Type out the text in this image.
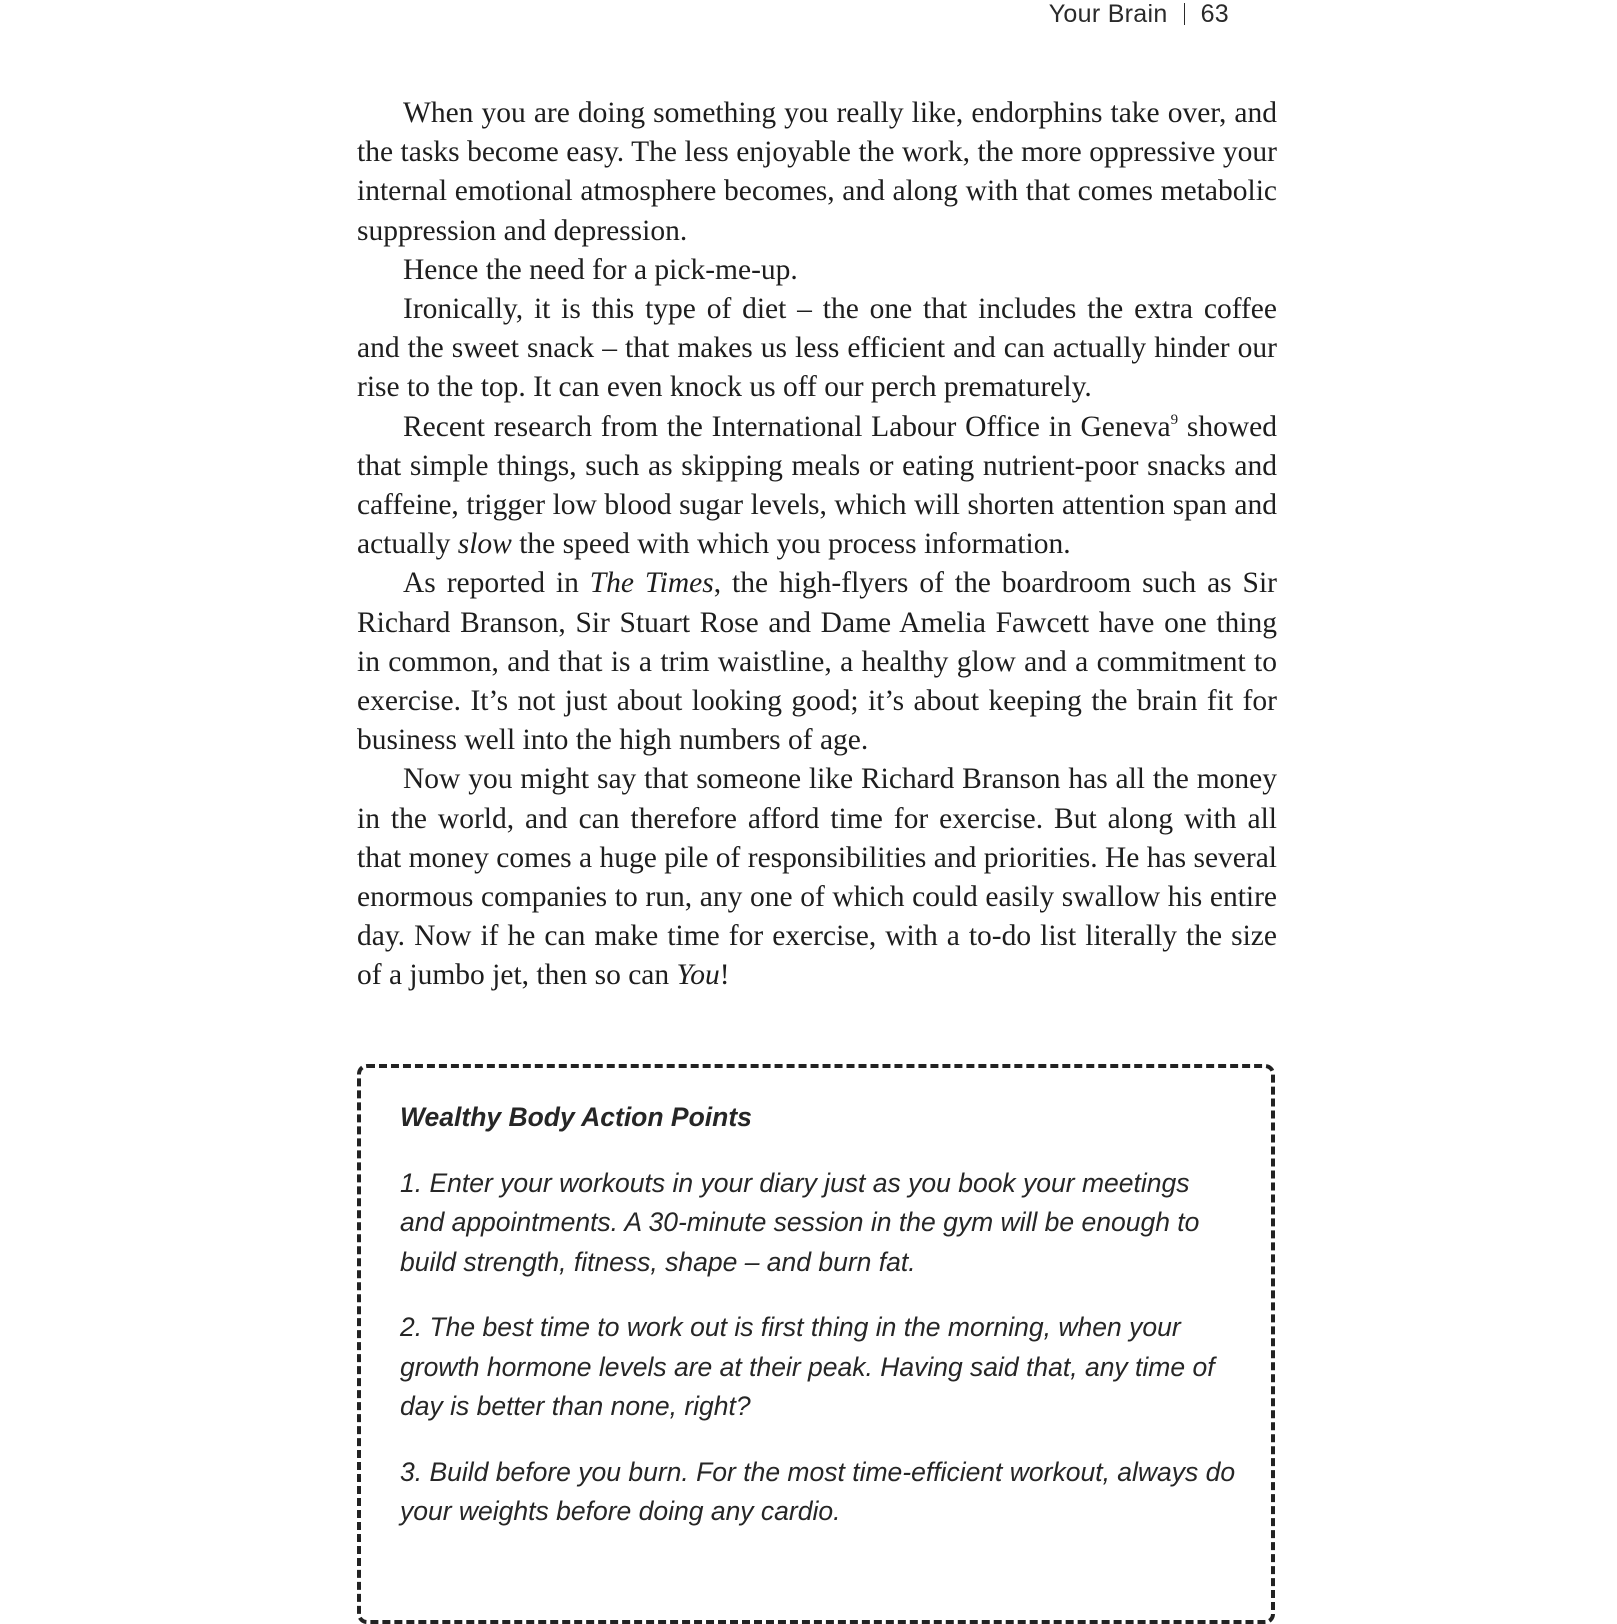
Your Brain 63

When you are doing something you really like, endorphins take over, and the tasks become easy. The less enjoyable the work, the more oppressive your internal emotional atmosphere becomes, and along with that comes metabolic suppression and depression.

Hence the need for a pick-me-up.

Ironically, it is this type of diet – the one that includes the extra coffee and the sweet snack – that makes us less efficient and can actually hinder our rise to the top. It can even knock us off our perch prematurely.

Recent research from the International Labour Office in Geneva$^9$ showed that simple things, such as skipping meals or eating nutrient-poor snacks and caffeine, trigger low blood sugar levels, which will shorten attention span and actually slow the speed with which you process information.

As reported in The Times, the high-flyers of the boardroom such as Sir Richard Branson, Sir Stuart Rose and Dame Amelia Fawcett have one thing in common, and that is a trim waistline, a healthy glow and a commitment to exercise. It’s not just about looking good; it’s about keeping the brain fit for business well into the high numbers of age.

Now you might say that someone like Richard Branson has all the money in the world, and can therefore afford time for exercise. But along with all that money comes a huge pile of responsibilities and priorities. He has several enormous companies to run, any one of which could easily swallow his entire day. Now if he can make time for exercise, with a to-do list literally the size of a jumbo jet, then so can You!

Wealthy Body Action Points
1. Enter your workouts in your diary just as you book your meetings and appointments. A 30-minute session in the gym will be enough to build strength, fitness, shape – and burn fat.
2. The best time to work out is first thing in the morning, when your growth hormone levels are at their peak. Having said that, any time of day is better than none, right?
3. Build before you burn. For the most time-efficient workout, always do your weights before doing any cardio.
